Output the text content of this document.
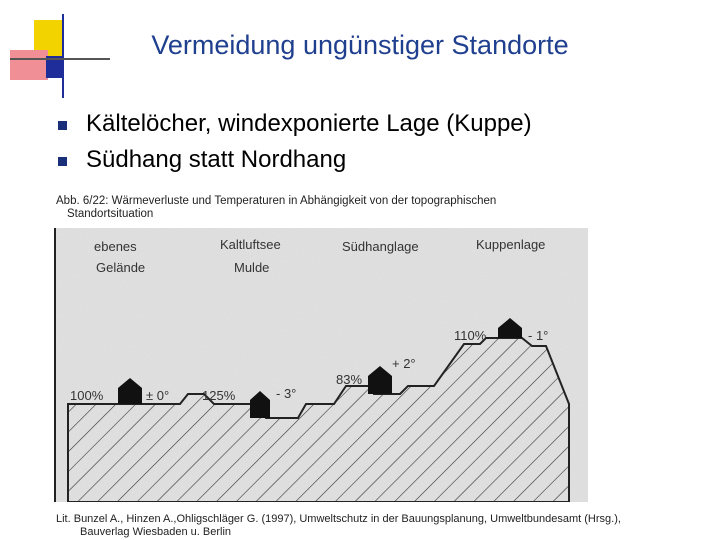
Vermeidung ungünstiger Standorte
Kältelöcher, windexponierte Lage (Kuppe)
Südhang statt Nordhang
Abb. 6/22: Wärmeverluste und Temperaturen in Abhängigkeit von der topographischen
Standortsituation
ebenes
Gelände
Kaltluftsee
Mulde
Südhanglage	Kuppenlage
100%	± 0°	125%	- 3°
83%
+ 2°
110%	- 1°
Lit. Bunzel A., Hinzen A.,Ohligschläger G. (1997), Umweltschutz in der Bauungsplanung, Umweltbundesamt (Hrsg.),
Bauverlag Wiesbaden u. Berlin
